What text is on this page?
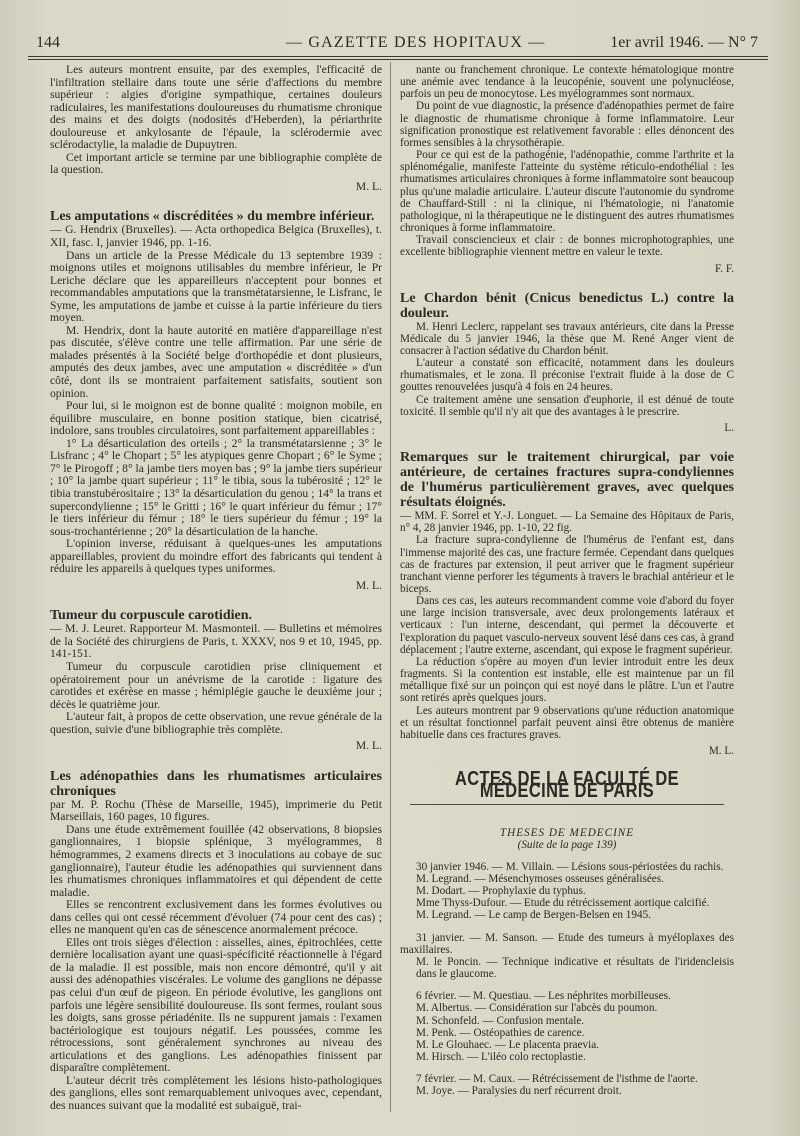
144	— GAZETTE DES HOPITAUX —	1er avril 1946. — N° 7

Les auteurs montrent ensuite, par des exemples, l'efficacité de l'infiltration stellaire dans toute une série d'affections du membre supérieur : algies d'origine sympathique, certaines douleurs radiculaires, les manifestations douloureuses du rhumatisme chronique des mains et des doigts (nodosités d'Heberden), la périarthrite douloureuse et ankylosante de l'épaule, la sclérodermie avec sclérodactylie, la maladie de Dupuytren.

Cet important article se termine par une bibliographie complète de la question.

M. L.

Les amputations « discréditées » du membre inférieur.

— G. Hendrix (Bruxelles). — Acta orthopedica Belgica (Bruxelles), t. XII, fasc. I, janvier 1946, pp. 1-16.

Dans un article de la Presse Médicale du 13 septembre 1939 : moignons utiles et moignons utilisables du membre inférieur, le Pr Leriche déclare que les appareilleurs n'acceptent pour bonnes et recommandables amputations que la transmétatarsienne, le Lisfranc, le Syme, les amputations de jambe et cuisse à la partie inférieure du tiers moyen.

M. Hendrix, dont la haute autorité en matière d'appareillage n'est pas discutée, s'élève contre une telle affirmation. Par une série de malades présentés à la Société belge d'orthopédie et dont plusieurs, amputés des deux jambes, avec une amputation « discréditée » d'un côté, dont ils se montraient parfaitement satisfaits, soutient son opinion.

Pour lui, si le moignon est de bonne qualité : moignon mobile, en équilibre musculaire, en bonne position statique, bien cicatrisé, indolore, sans troubles circulatoires, sont parfaitement appareillables :

1° La désarticulation des orteils ; 2° la transmétatarsienne ; 3° le Lisfranc ; 4° le Chopart ; 5° les atypiques genre Chopart ; 6° le Syme ; 7° le Pirogoff ; 8° la jambe tiers moyen bas ; 9° la jambe tiers supérieur ; 10° la jambe quart supérieur ; 11° le tibia, sous la tubérosité ; 12° le tibia transtubérositaire ; 13° la désarticulation du genou ; 14° la trans et supercondylienne ; 15° le Gritti ; 16° le quart inférieur du fémur ; 17° le tiers inférieur du fémur ; 18° le tiers supérieur du fémur ; 19° la sous-trochantérienne ; 20° la désarticulation de la hanche.

L'opinion inverse, réduisant à quelques-unes les amputations appareillables, provient du moindre effort des fabricants qui tendent à réduire les appareils à quelques types uniformes.

M. L.

Tumeur du corpuscule carotidien.

— M. J. Leuret. Rapporteur M. Masmonteil. — Bulletins et mémoires de la Société des chirurgiens de Paris, t. XXXV, nos 9 et 10, 1945, pp. 141-151.

Tumeur du corpuscule carotidien prise cliniquement et opératoirement pour un anévrisme de la carotide : ligature des carotides et exérèse en masse ; hémiplégie gauche le deuxième jour ; décès le quatrième jour.

L'auteur fait, à propos de cette observation, une revue générale de la question, suivie d'une bibliographie très complète.

M. L.

Les adénopathies dans les rhumatismes articulaires chroniques

par M. P. Rochu (Thèse de Marseille, 1945), imprimerie du Petit Marseillais, 160 pages, 10 figures.

Dans une étude extrêmement fouillée (42 observations, 8 biopsies ganglionnaires, 1 biopsie splénique, 3 myélogrammes, 8 hémogrammes, 2 examens directs et 3 inoculations au cobaye de suc ganglionnaire), l'auteur étudie les adénopathies qui surviennent dans les rhumatismes chroniques inflammatoires et qui dépendent de cette maladie.

Elles se rencontrent exclusivement dans les formes évolutives ou dans celles qui ont cessé récemment d'évoluer (74 pour cent des cas) ; elles ne manquent qu'en cas de sénescence anormalement précoce.

Elles ont trois sièges d'élection : aisselles, aines, épitrochlées, cette dernière localisation ayant une quasi-spécificité réactionnelle à l'égard de la maladie. Il est possible, mais non encore démontré, qu'il y ait aussi des adénopathies viscérales. Le volume des ganglions ne dépasse pas celui d'un œuf de pigeon. En période évolutive, les ganglions ont parfois une légère sensibilité douloureuse. Ils sont fermes, roulant sous les doigts, sans grosse périadénite. Ils ne suppurent jamais : l'examen bactériologique est toujours négatif. Les poussées, comme les rétrocessions, sont généralement synchrones au niveau des articulations et des ganglions. Les adénopathies finissent par disparaître complètement.

L'auteur décrit très complètement les lésions histo-pathologiques des ganglions, elles sont remarquablement univoques avec, cependant, des nuances suivant que la modalité est subaiguë, trai-

nante ou franchement chronique. Le contexte hématologique montre une anémie avec tendance à la leucopénie, souvent une polynucléose, parfois un peu de monocytose. Les myélogrammes sont normaux.

Du point de vue diagnostic, la présence d'adénopathies permet de faire le diagnostic de rhumatisme chronique à forme inflammatoire. Leur signification pronostique est relativement favorable : elles dénoncent des formes sensibles à la chrysothérapie.

Pour ce qui est de la pathogénie, l'adénopathie, comme l'arthrite et la splénomégalie, manifeste l'atteinte du système réticulo-endothélial : les rhumatismes articulaires chroniques à forme inflammatoire sont beaucoup plus qu'une maladie articulaire. L'auteur discute l'autonomie du syndrome de Chauffard-Still : ni la clinique, ni l'hématologie, ni l'anatomie pathologique, ni la thérapeutique ne le distinguent des autres rhumatismes chroniques à forme inflammatoire.

Travail consciencieux et clair : de bonnes microphotographies, une excellente bibliographie viennent mettre en valeur le texte.

F. F.

Le Chardon bénit (Cnicus benedictus L.) contre la douleur.

M. Henri Leclerc, rappelant ses travaux antérieurs, cite dans la Presse Médicale du 5 janvier 1946, la thèse que M. René Anger vient de consacrer à l'action sédative du Chardon bénit.

L'auteur a constaté son efficacité, notamment dans les douleurs rhumatismales, et le zona. Il préconise l'extrait fluide à la dose de C gouttes renouvelées jusqu'à 4 fois en 24 heures.

Ce traitement amène une sensation d'euphorie, il est dénué de toute toxicité. Il semble qu'il n'y ait que des avantages à le prescrire.

L.

Remarques sur le traitement chirurgical, par voie antérieure, de certaines fractures supra-condyliennes de l'humérus particulièrement graves, avec quelques résultats éloignés.

— MM. F. Sorrel et Y.-J. Longuet. — La Semaine des Hôpitaux de Paris, n° 4, 28 janvier 1946, pp. 1-10, 22 fig.

La fracture supra-condylienne de l'humérus de l'enfant est, dans l'immense majorité des cas, une fracture fermée. Cependant dans quelques cas de fractures par extension, il peut arriver que le fragment supérieur tranchant vienne perforer les téguments à travers le brachial antérieur et le biceps.

Dans ces cas, les auteurs recommandent comme voie d'abord du foyer une large incision transversale, avec deux prolongements latéraux et verticaux : l'un interne, descendant, qui permet la découverte et l'exploration du paquet vasculo-nerveux souvent lésé dans ces cas, à grand déplacement ; l'autre externe, ascendant, qui expose le fragment supérieur.

La réduction s'opère au moyen d'un levier introduit entre les deux fragments. Si la contention est instable, elle est maintenue par un fil métallique fixé sur un poinçon qui est noyé dans le plâtre. L'un et l'autre sont retirés après quelques jours.

Les auteurs montrent par 9 observations qu'une réduction anatomique et un résultat fonctionnel parfait peuvent ainsi être obtenus de manière habituelle dans ces fractures graves.

M. L.

ACTES DE LA FACULTÉ DE MÉDECINE DE PARIS
THESES DE MEDECINE
(Suite de la page 139)

30 janvier 1946. — M. Villain. — Lésions sous-périostées du rachis.

M. Legrand. — Mésenchymoses osseuses généralisées.

M. Dodart. — Prophylaxie du typhus.

Mme Thyss-Dufour. — Etude du rétrécissement aortique calcifié.

M. Legrand. — Le camp de Bergen-Belsen en 1945.

31 janvier. — M. Sanson. — Etude des tumeurs à myéloplaxes des maxillaires.

M. le Poncin. — Technique indicative et résultats de l'iridencleisis dans le glaucome.

6 février. — M. Questiau. — Les néphrites morbilleuses.

M. Albertus. — Considération sur l'abcès du poumon.

M. Schonfeld. — Confusion mentale.

M. Penk. — Ostéopathies de carence.

M. Le Glouhaec. — Le placenta praevia.

M. Hirsch. — L'iléo colo rectoplastie.

7 février. — M. Caux. — Rétrécissement de l'isthme de l'aorte.

M. Joye. — Paralysies du nerf récurrent droit.
